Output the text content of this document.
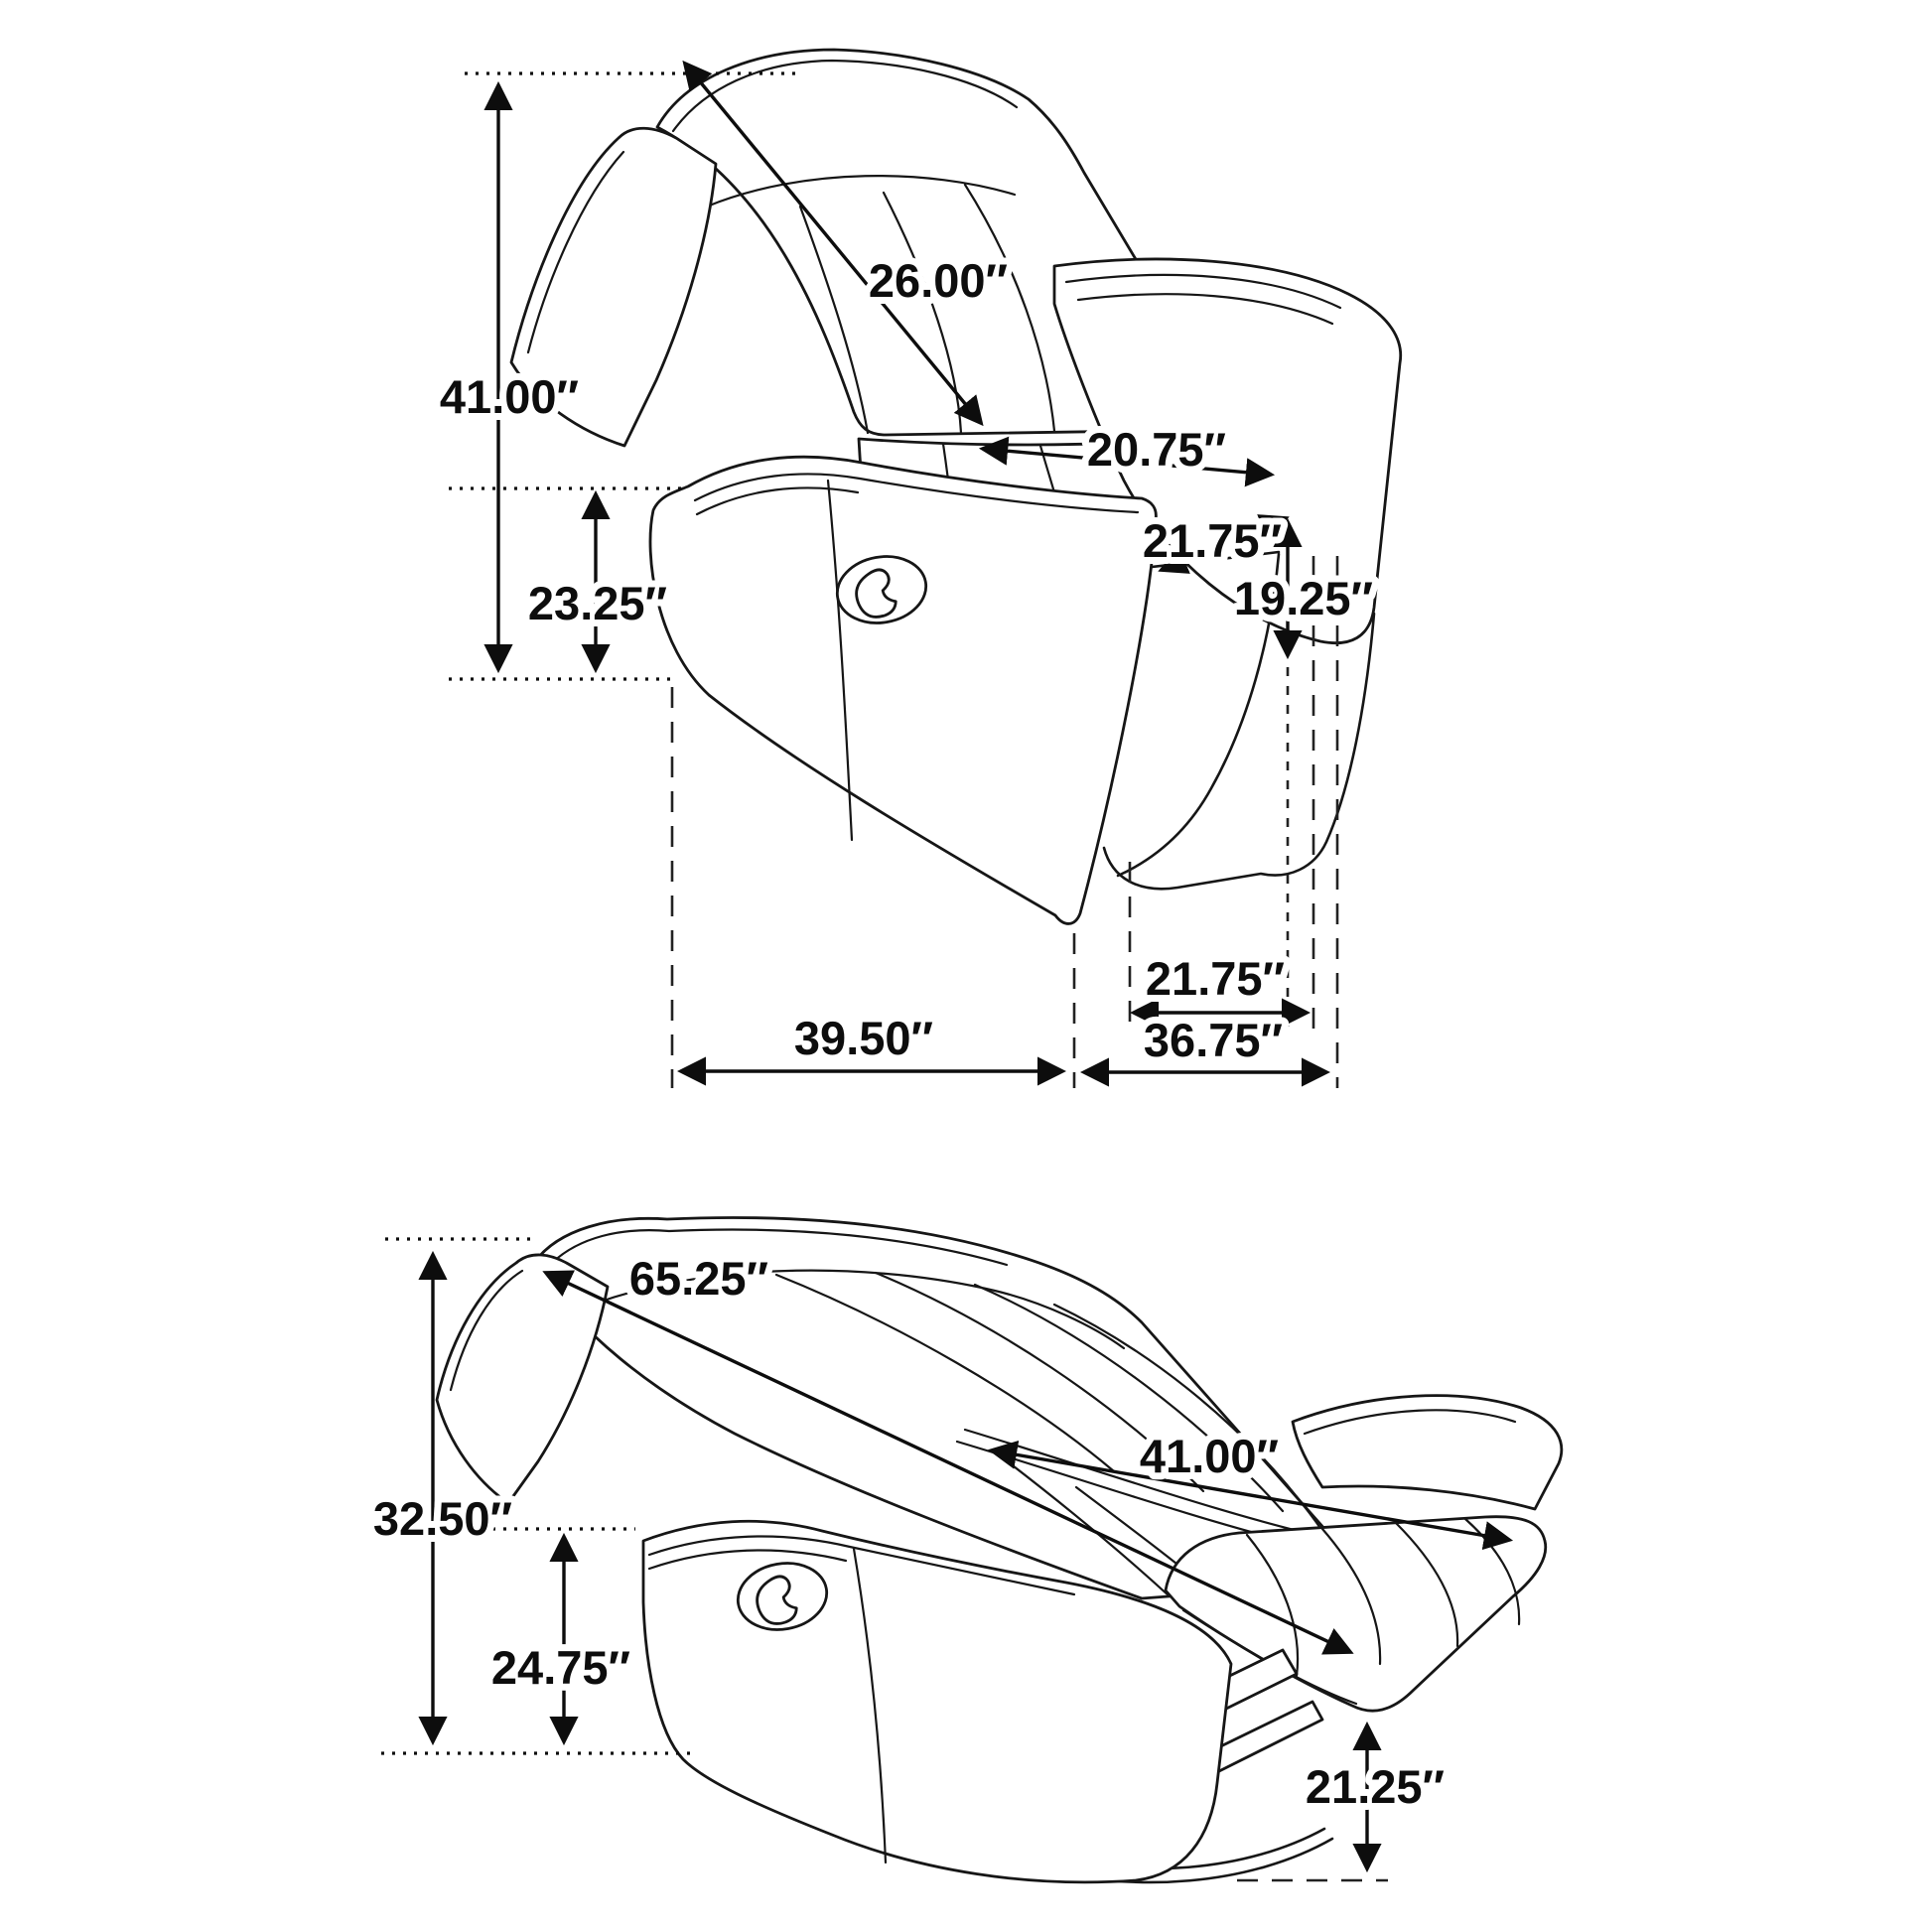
26.00″
41.00″
23.25″
20.75″
21.75″
19.25″
21.75″
39.50″	36.75″
65.25″
32.50″
41.00″
24.75″
21.25″
